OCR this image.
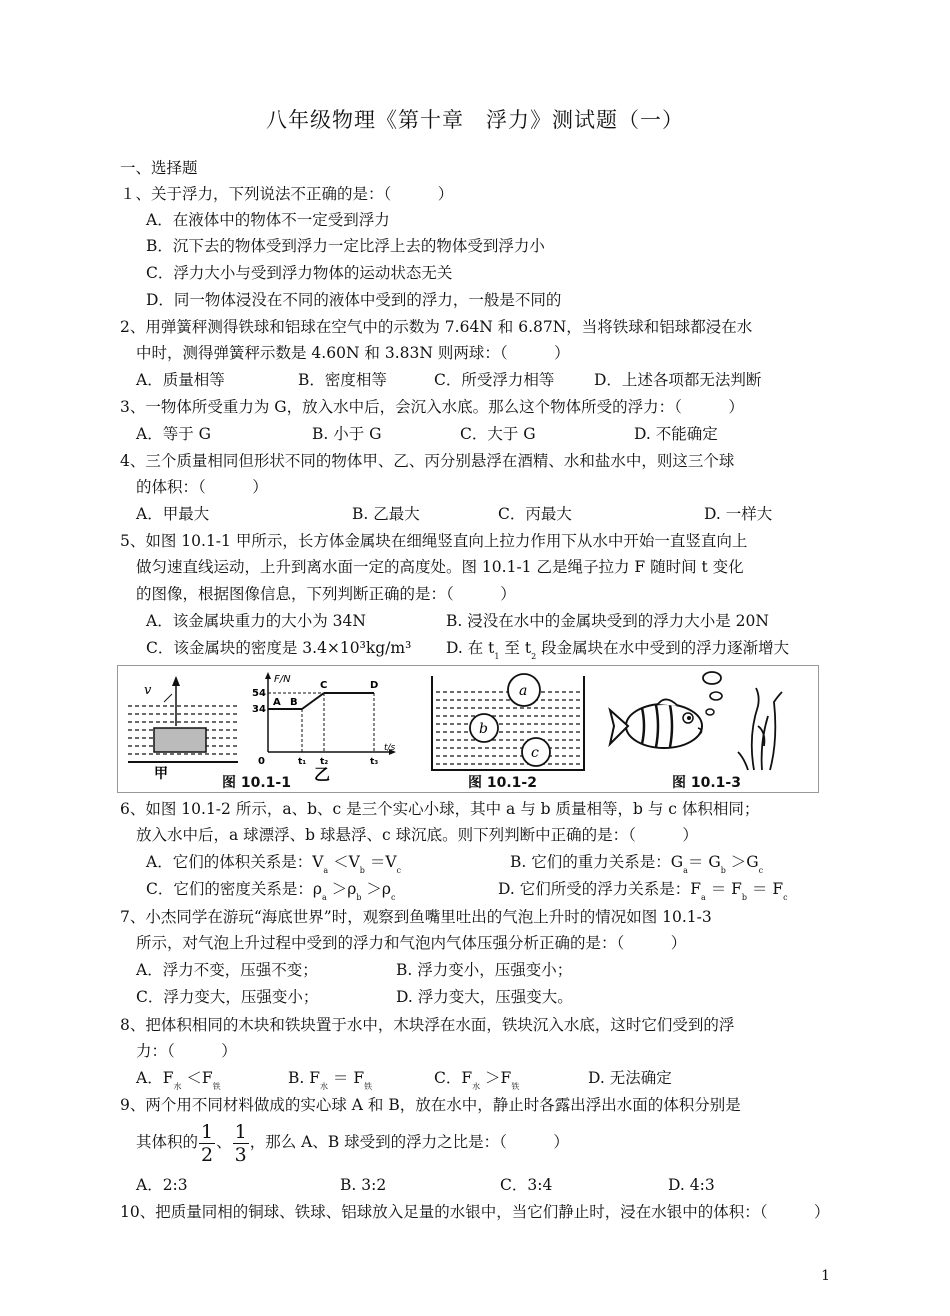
八年级物理《第十章　浮力》测试题（一）
一、选择题
１、关于浮力，下列说法不正确的是：（　　　）
A．在液体中的物体不一定受到浮力
B．沉下去的物体受到浮力一定比浮上去的物体受到浮力小
C．浮力大小与受到浮力物体的运动状态无关
D．同一物体浸没在不同的液体中受到的浮力，一般是不同的
2、用弹簧秤测得铁球和铝球在空气中的示数为 7.64N 和 6.87N，当将铁球和铝球都浸在水
中时，测得弹簧秤示数是 4.60N 和 3.83N 则两球：（　　　）
A．质量相等	B．密度相等	C．所受浮力相等	D．上述各项都无法判断
3、一物体所受重力为 G，放入水中后，会沉入水底。那么这个物体所受的浮力：（　　　）
A．等于 G	B. 小于 G	C．大于 G	D. 不能确定
4、三个质量相同但形状不同的物体甲、乙、丙分别悬浮在酒精、水和盐水中，则这三个球
的体积：（　　　）
A．甲最大	B. 乙最大	C．丙最大	D. 一样大
5、如图 10.1-1 甲所示，长方体金属块在细绳竖直向上拉力作用下从水中开始一直竖直向上
做匀速直线运动，上升到离水面一定的高度处。图 10.1-1 乙是绳子拉力 F 随时间 t 变化
的图像，根据图像信息，下列判断正确的是：（　　　）
A．该金属块重力的大小为 34N	B. 浸没在水中的金属块受到的浮力大小是 20N
C．该金属块的密度是 3.4×10³kg/m³ D. 在 $t_1$ 至 $t_2$ 段金属块在水中受到的浮力逐渐增大
v
甲
F/N
54
34
0
A B
C	D
t₁ t₂	t₃
t/s
乙
a
b
c
图 10.1-1	图 10.1-2	图 10.1-3
6、如图 10.1-2 所示，a、b、c 是三个实心小球，其中 a 与 b 质量相等，b 与 c 体积相同；
放入水中后，a 球漂浮、b 球悬浮、c 球沉底。则下列判断中正确的是：（　　　）
A．它们的体积关系是：$V_a <V_b =V_c$	B. 它们的重力关系是：$G_a= G_b >G_c$
C．它们的密度关系是：$\rho_a >\rho_b >\rho_c$	D. 它们所受的浮力关系是：$F_a = F_b = F_c$
7、小杰同学在游玩“海底世界”时，观察到鱼嘴里吐出的气泡上升时的情况如图 10.1-3
所示，对气泡上升过程中受到的浮力和气泡内气体压强分析正确的是：（　　　）
A．浮力不变，压强不变；	B. 浮力变小，压强变小；
C．浮力变大，压强变小；	D. 浮力变大，压强变大。
8、把体积相同的木块和铁块置于水中，木块浮在水面，铁块沉入水底，这时它们受到的浮
力：（　　　）
A．$F_水 <F_铁$	B. $F_水 = F_铁$	C．$F_水 >F_铁$	D. 无法确定
9、两个用不同材料做成的实心球 A 和 B，放在水中，静止时各露出浮出水面的体积分别是
其体积的 $\frac{1}{2}$ 、 $\frac{1}{3}$ ，那么 A、B 球受到的浮力之比是：（　　　）
A．2:3	B. 3:2	C．3:4	D. 4:3
10、把质量同相的铜球、铁球、铝球放入足量的水银中，当它们静止时，浸在水银中的体积：（　　　）
1
